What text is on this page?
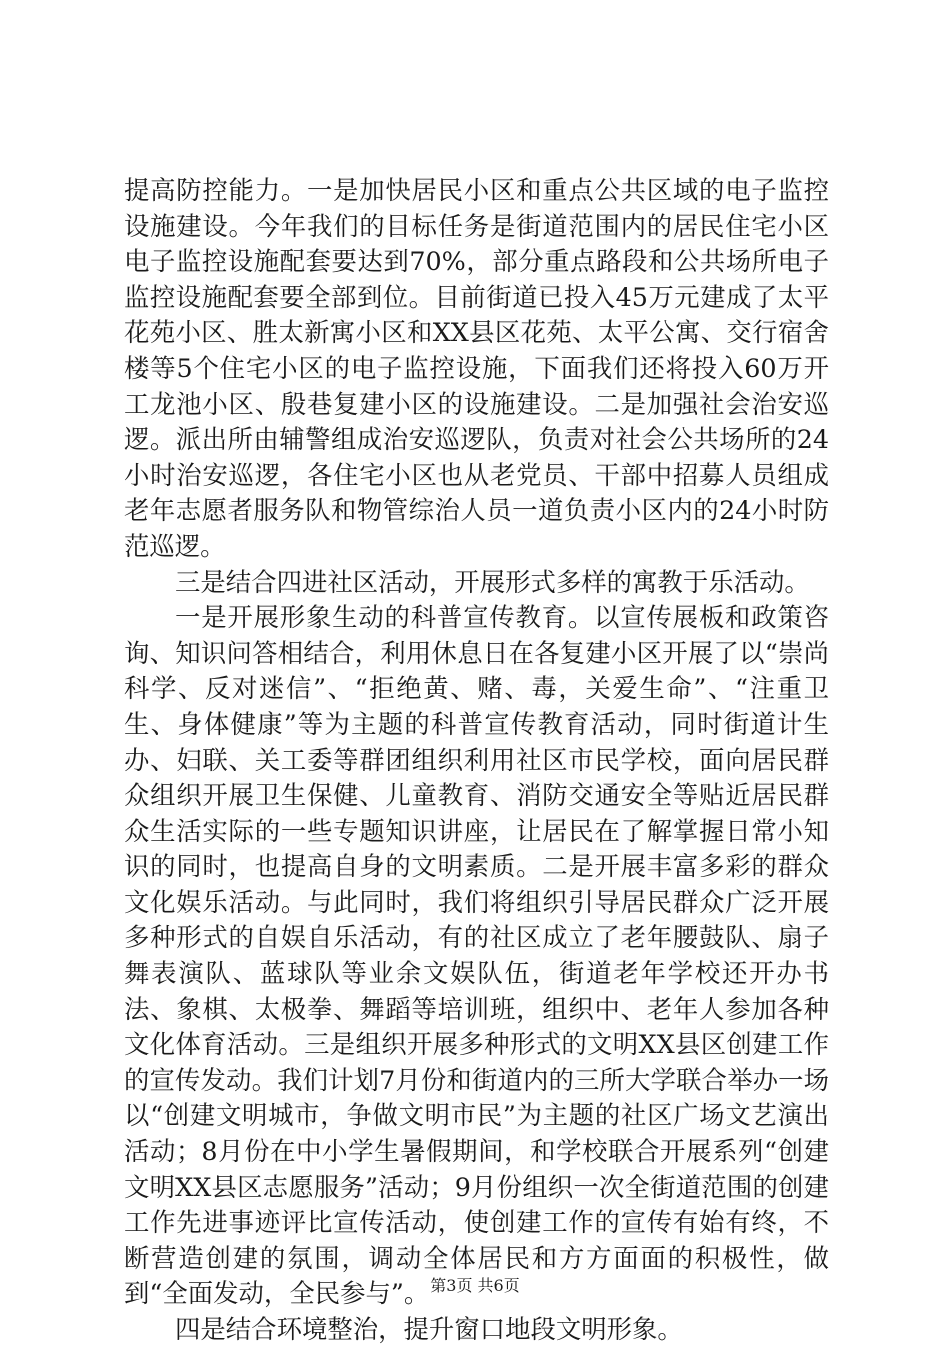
提高防控能力。一是加快居民小区和重点公共区域的电子监控设施建设。今年我们的目标任务是街道范围内的居民住宅小区电子监控设施配套要达到70%，部分重点路段和公共场所电子监控设施配套要全部到位。目前街道已投入45万元建成了太平花苑小区、胜太新寓小区和XX县区花苑、太平公寓、交行宿舍楼等5个住宅小区的电子监控设施，下面我们还将投入60万开工龙池小区、殷巷复建小区的设施建设。二是加强社会治安巡逻。派出所由辅警组成治安巡逻队，负责对社会公共场所的24小时治安巡逻，各住宅小区也从老党员、干部中招募人员组成老年志愿者服务队和物管综治人员一道负责小区内的24小时防范巡逻。

三是结合四进社区活动，开展形式多样的寓教于乐活动。

一是开展形象生动的科普宣传教育。以宣传展板和政策咨询、知识问答相结合，利用休息日在各复建小区开展了以“崇尚科学、反对迷信”、“拒绝黄、赌、毒，关爱生命”、“注重卫生、身体健康”等为主题的科普宣传教育活动，同时街道计生办、妇联、关工委等群团组织利用社区市民学校，面向居民群众组织开展卫生保健、儿童教育、消防交通安全等贴近居民群众生活实际的一些专题知识讲座，让居民在了解掌握日常小知识的同时，也提高自身的文明素质。二是开展丰富多彩的群众文化娱乐活动。与此同时，我们将组织引导居民群众广泛开展多种形式的自娱自乐活动，有的社区成立了老年腰鼓队、扇子舞表演队、蓝球队等业余文娱队伍，街道老年学校还开办书法、象棋、太极拳、舞蹈等培训班，组织中、老年人参加各种文化体育活动。三是组织开展多种形式的文明XX县区创建工作的宣传发动。我们计划7月份和街道内的三所大学联合举办一场以“创建文明城市，争做文明市民”为主题的社区广场文艺演出活动；8月份在中小学生暑假期间，和学校联合开展系列“创建文明XX县区志愿服务”活动；9月份组织一次全街道范围的创建工作先进事迹评比宣传活动，使创建工作的宣传有始有终，不断营造创建的氛围，调动全体居民和方方面面的积极性，做到“全面发动，全民参与”。

四是结合环境整治，提升窗口地段文明形象。

第3页 共6页
